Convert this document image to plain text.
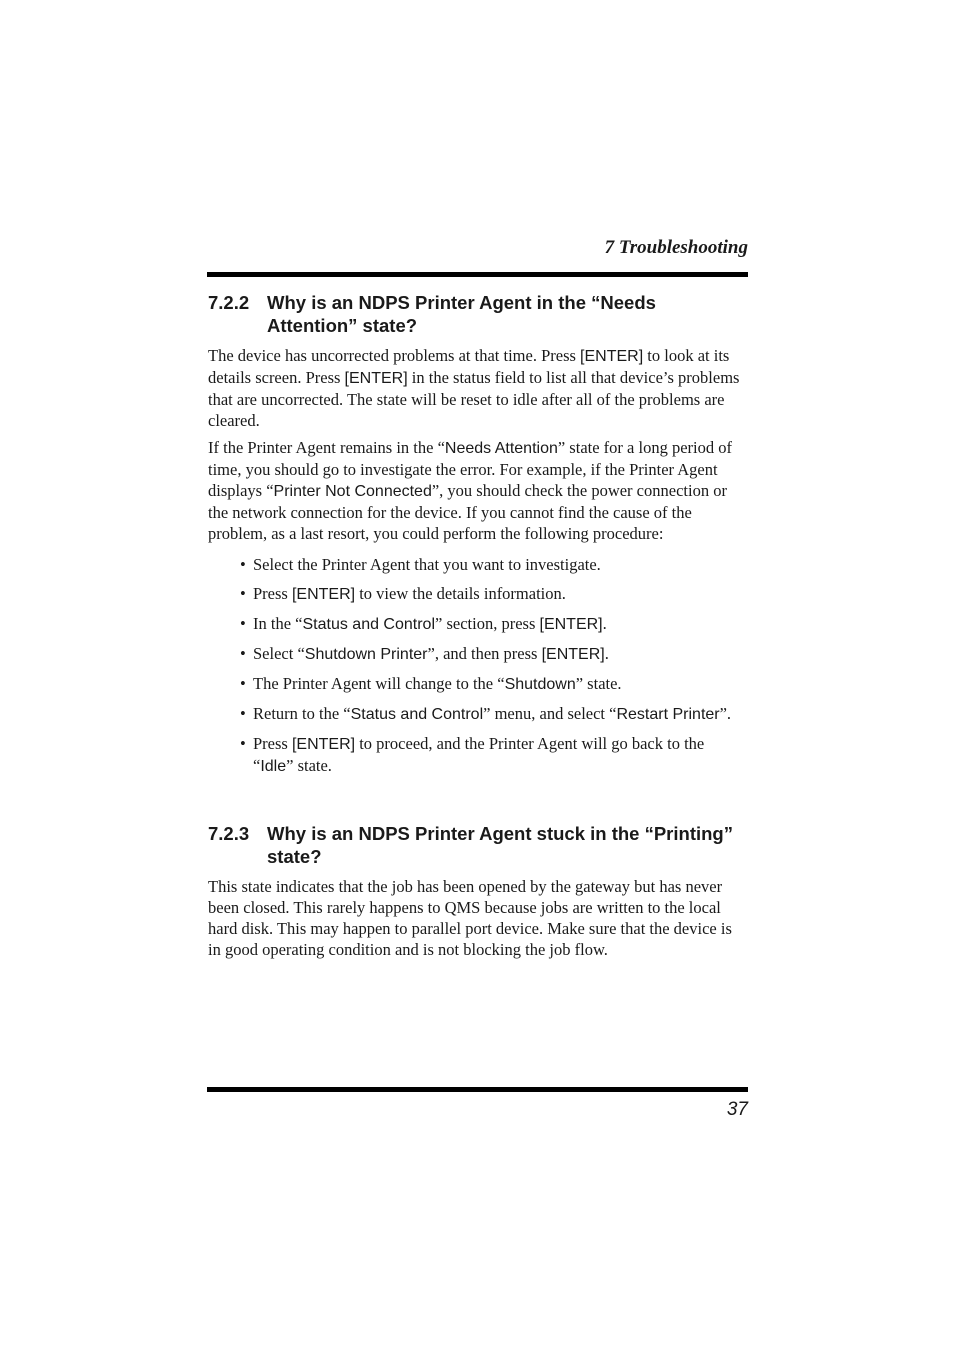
7 Troubleshooting
7.2.2 Why is an NDPS Printer Agent in the “Needs Attention” state?

The device has uncorrected problems at that time. Press [ENTER] to look at its details screen. Press [ENTER] in the status field to list all that device’s problems that are uncorrected. The state will be reset to idle after all of the problems are cleared.

If the Printer Agent remains in the “Needs Attention” state for a long period of time, you should go to investigate the error. For example, if the Printer Agent displays “Printer Not Connected”, you should check the power connection or the network connection for the device. If you cannot find the cause of the problem, as a last resort, you could perform the following procedure:

• Select the Printer Agent that you want to investigate.
• Press [ENTER] to view the details information.
• In the “Status and Control” section, press [ENTER].
• Select “Shutdown Printer”, and then press [ENTER].
• The Printer Agent will change to the “Shutdown” state.
• Return to the “Status and Control” menu, and select “Restart Printer”.
• Press [ENTER] to proceed, and the Printer Agent will go back to the “Idle” state.
7.2.3 Why is an NDPS Printer Agent stuck in the “Printing” state?

This state indicates that the job has been opened by the gateway but has never been closed. This rarely happens to QMS because jobs are written to the local hard disk. This may happen to parallel port device. Make sure that the device is in good operating condition and is not blocking the job flow.

37
